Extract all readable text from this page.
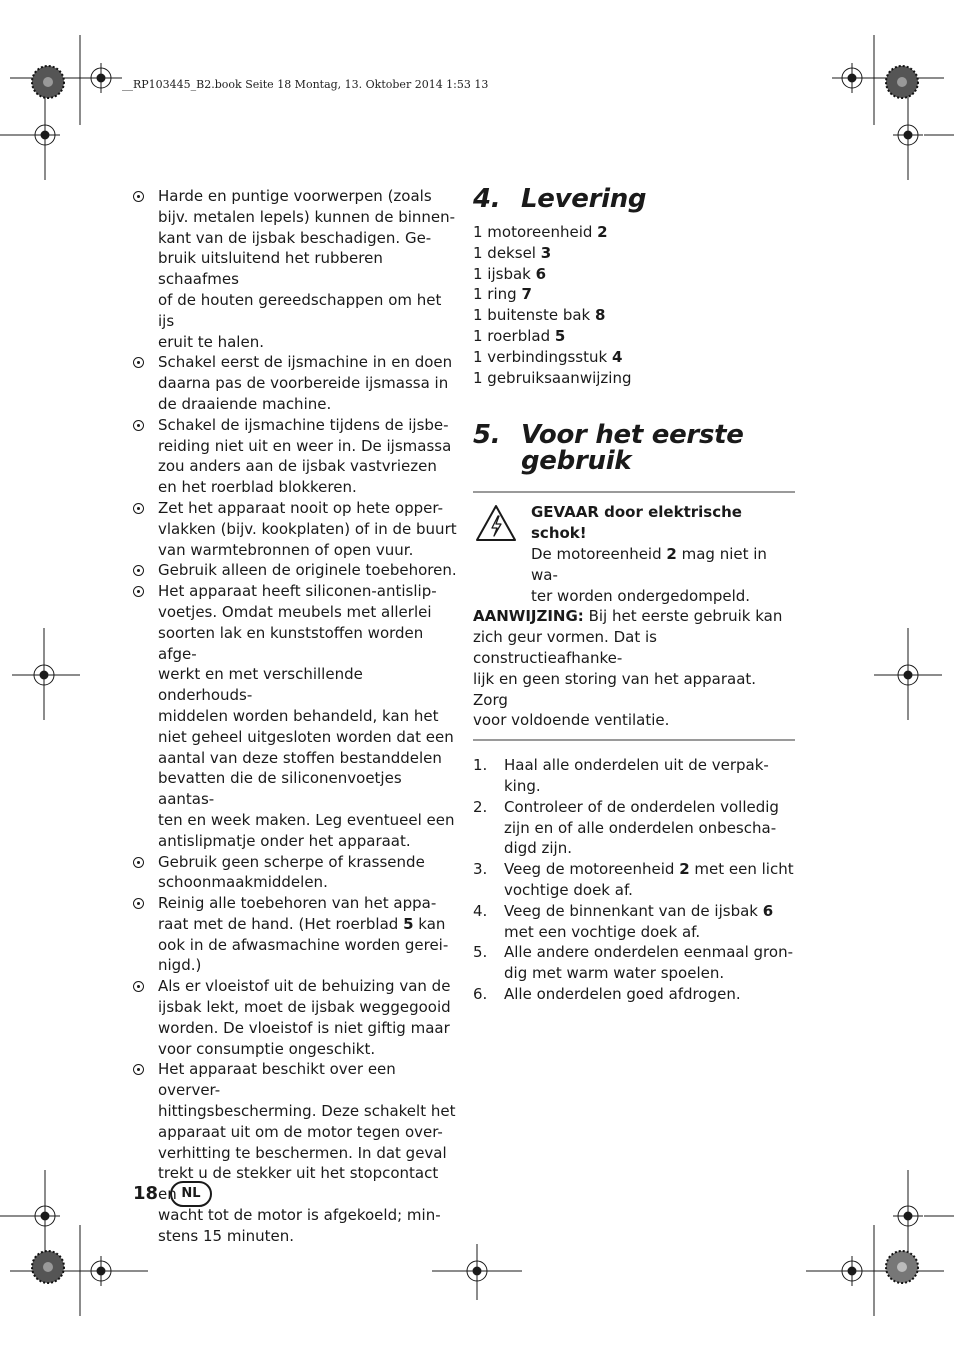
__RP103445_B2.book Seite 18 Montag, 13. Oktober 2014 1:53 13
Harde en puntige voorwerpen (zoals
bijv. metalen lepels) kunnen de binnen-
kant van de ijsbak beschadigen. Ge-
bruik uitsluitend het rubberen schaafmes
of de houten gereedschappen om het ijs
eruit te halen.
Schakel eerst de ijsmachine in en doen
daarna pas de voorbereide ijsmassa in
de draaiende machine.
Schakel de ijsmachine tijdens de ijsbe-
reiding niet uit en weer in. De ijsmassa
zou anders aan de ijsbak vastvriezen
en het roerblad blokkeren.
Zet het apparaat nooit op hete opper-
vlakken (bijv. kookplaten) of in de buurt
van warmtebronnen of open vuur.
Gebruik alleen de originele toebehoren.
Het apparaat heeft siliconen-antislip-
voetjes. Omdat meubels met allerlei
soorten lak en kunststoffen worden afge-
werkt en met verschillende onderhouds-
middelen worden behandeld, kan het
niet geheel uitgesloten worden dat een
aantal van deze stoffen bestanddelen
bevatten die de siliconenvoetjes aantas-
ten en week maken. Leg eventueel een
antislipmatje onder het apparaat.
Gebruik geen scherpe of krassende
schoonmaakmiddelen.
Reinig alle toebehoren van het appa-
raat met de hand. (Het roerblad 5 kan
ook in de afwasmachine worden gerei-
nigd.)
Als er vloeistof uit de behuizing van de
ijsbak lekt, moet de ijsbak weggegooid
worden. De vloeistof is niet giftig maar
voor consumptie ongeschikt.
Het apparaat beschikt over een overver-
hittingsbescherming. Deze schakelt het
apparaat uit om de motor tegen over-
verhitting te beschermen. In dat geval
trekt u de stekker uit het stopcontact en
wacht tot de motor is afgekoeld; min-
stens 15 minuten.
4. Levering
1 motoreenheid 2
1 deksel 3
1 ijsbak 6
1 ring 7
1 buitenste bak 8
1 roerblad 5
1 verbindingsstuk 4
1 gebruiksaanwijzing
5. Voor het eerste
gebruik
GEVAAR door elektrische
schok!
De motoreenheid 2 mag niet in wa-
ter worden ondergedompeld.
AANWIJZING: Bij het eerste gebruik kan
zich geur vormen. Dat is constructieafhanke-
lijk en geen storing van het apparaat. Zorg
voor voldoende ventilatie.
1. Haal alle onderdelen uit de verpak-
king.
2. Controleer of de onderdelen volledig
zijn en of alle onderdelen onbescha-
digd zijn.
3. Veeg de motoreenheid 2 met een licht
vochtige doek af.
4. Veeg de binnenkant van de ijsbak 6
met een vochtige doek af.
5. Alle andere onderdelen eenmaal gron-
dig met warm water spoelen.
6. Alle onderdelen goed afdrogen.
18	NL
